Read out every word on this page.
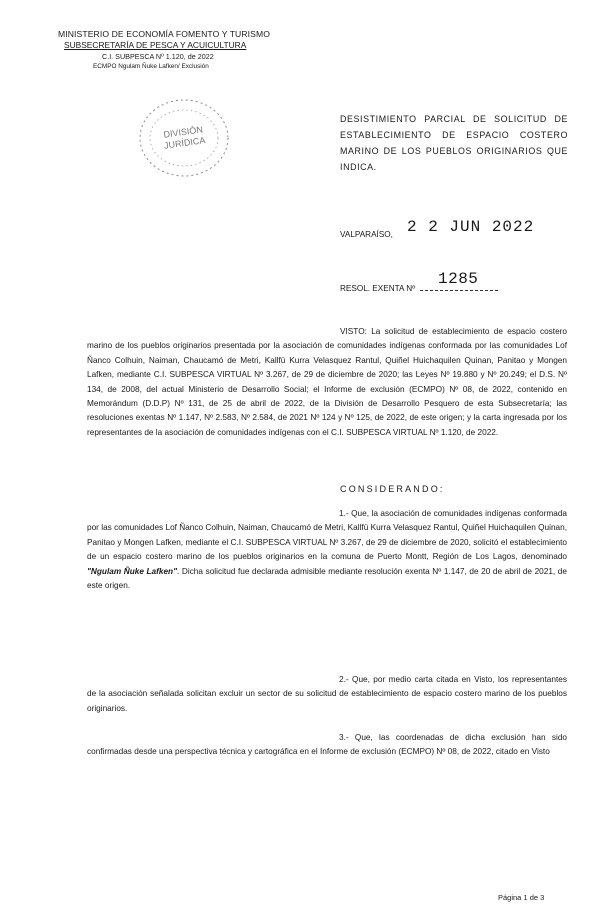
MINISTERIO DE ECONOMÍA FOMENTO Y TURISMO
SUBSECRETARÍA DE PESCA Y ACUICULTURA
C.I. SUBPESCA Nº 1.120, de 2022
ECMPO Ngulam Ñuke Lafken/ Exclusión
DIVISIÓN
JURÍDICA
DESISTIMIENTO PARCIAL DE SOLICITUD DE ESTABLECIMIENTO DE ESPACIO COSTERO MARINO DE LOS PUEBLOS ORIGINARIOS QUE INDICA.
VALPARAÍSO, 2 2 JUN 2022
RESOL. EXENTA Nº
1285
VISTO: La solicitud de establecimiento de espacio costero marino de los pueblos originarios presentada por la asociación de comunidades indígenas conformada por las comunidades Lof Ñanco Colhuin, Naiman, Chaucamó de Metri, Kallfü Kurra Velasquez Rantul, Quiñel Huichaquilen Quinan, Panitao y Mongen Lafken, mediante C.I. SUBPESCA VIRTUAL Nº 3.267, de 29 de diciembre de 2020; las Leyes Nº 19.880 y Nº 20.249; el D.S. Nº 134, de 2008, del actual Ministerio de Desarrollo Social; el Informe de exclusión (ECMPO) Nº 08, de 2022, contenido en Memorándum (D.D.P) Nº 131, de 25 de abril de 2022, de la División de Desarrollo Pesquero de esta Subsecretaría; las resoluciones exentas Nº 1.147, Nº 2.583, Nº 2.584, de 2021 Nº 124 y Nº 125, de 2022, de este origen; y la carta ingresada por los representantes de la asociación de comunidades indígenas con el C.I. SUBPESCA VIRTUAL Nº 1.120, de 2022.
CONSIDERANDO:
1.- Que, la asociación de comunidades indígenas conformada por las comunidades Lof Ñanco Colhuin, Naiman, Chaucamó de Metri, Kallfü Kurra Velasquez Rantul, Quiñel Huichaquilen Quinan, Panitao y Mongen Lafken, mediante el C.I. SUBPESCA VIRTUAL Nº 3.267, de 29 de diciembre de 2020, solicitó el establecimiento de un espacio costero marino de los pueblos originarios en la comuna de Puerto Montt, Región de Los Lagos, denominado "Ngulam Ñuke Lafken". Dicha solicitud fue declarada admisible mediante resolución exenta Nº 1.147, de 20 de abril de 2021, de este origen.
2.- Que, por medio carta citada en Visto, los representantes de la asociación señalada solicitan excluir un sector de su solicitud de establecimiento de espacio costero marino de los pueblos originarios.
3.- Que, las coordenadas de dicha exclusión han sido confirmadas desde una perspectiva técnica y cartográfica en el Informe de exclusión (ECMPO) Nº 08, de 2022, citado en Visto
Página 1 de 3
